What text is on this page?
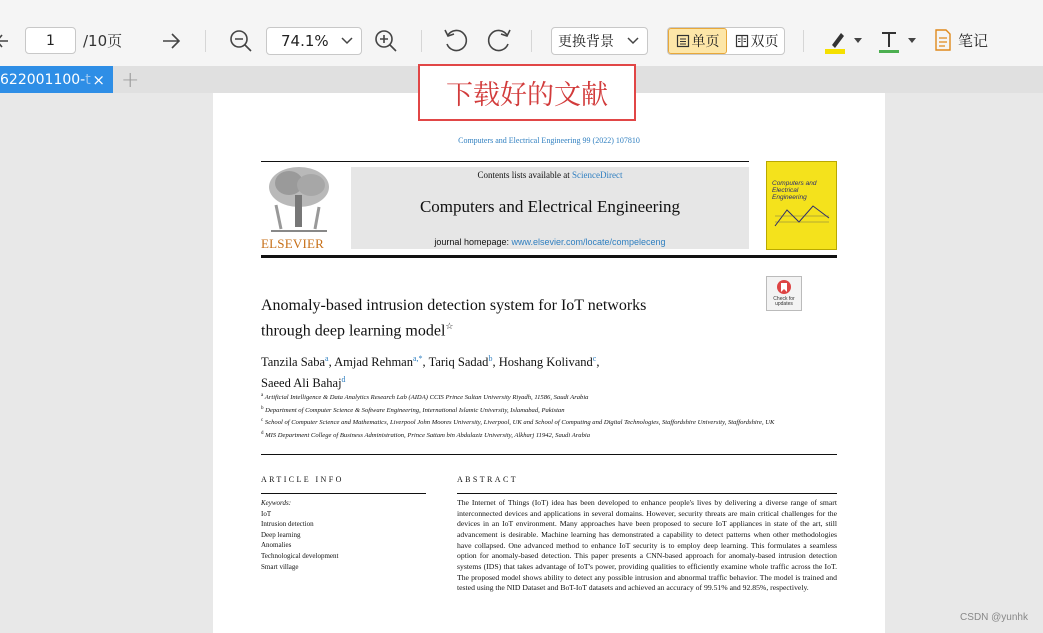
1	/10页	74.1%	更换背景	单页 双页	笔记
622001100-t × +	下载好的文献
Computers and Electrical Engineering 99 (2022) 107810
ELSEVIER
Contents lists available at ScienceDirect
Computers and Electrical Engineering
journal homepage: www.elsevier.com/locate/compeleceng
Computers and Electrical Engineering
Check for updates
Anomaly-based intrusion detection system for IoT networks
through deep learning model☆
Tanzila Saba$^a$, Amjad Rehman$^{a,*}$, Tariq Sadad$^b$, Hoshang Kolivand$^c$,
Saeed Ali Bahaj$^d$
$^a$ Artificial Intelligence & Data Analytics Research Lab (AIDA) CCIS Prince Sultan University Riyadh, 11586, Saudi Arabia
$^b$ Department of Computer Science & Software Engineering, International Islamic University, Islamabad, Pakistan
$^c$ School of Computer Science and Mathematics, Liverpool John Moores University, Liverpool, UK and School of Computing and Digital Technologies, Staffordshire University, Staffordshire, UK
$^d$ MIS Department College of Business Administration, Prince Sattam bin Abdulaziz University, Alkharj 11942, Saudi Arabia
ARTICLE INFO	ABSTRACT
Keywords:
IoT
Intrusion detection
Deep learning
Anomalies
Technological development
Smart village
The Internet of Things (IoT) idea has been developed to enhance people's lives by delivering a diverse range of smart interconnected devices and applications in several domains. However, security threats are main critical challenges for the devices in an IoT environment. Many approaches have been proposed to secure IoT appliances in state of the art, still advancement is desirable. Machine learning has demonstrated a capability to detect patterns when other methodologies have collapsed. One advanced method to enhance IoT security is to employ deep learning. This formulates a seamless option for anomaly-based detection. This paper presents a CNN-based approach for anomaly-based intrusion detection systems (IDS) that takes advantage of IoT's power, providing qualities to efficiently examine whole traffic across the IoT. The proposed model shows ability to detect any possible intrusion and abnormal traffic behavior. The model is trained and tested using the NID Dataset and BoT-IoT datasets and achieved an accuracy of 99.51% and 92.85%, respectively.
CSDN @yunhk
